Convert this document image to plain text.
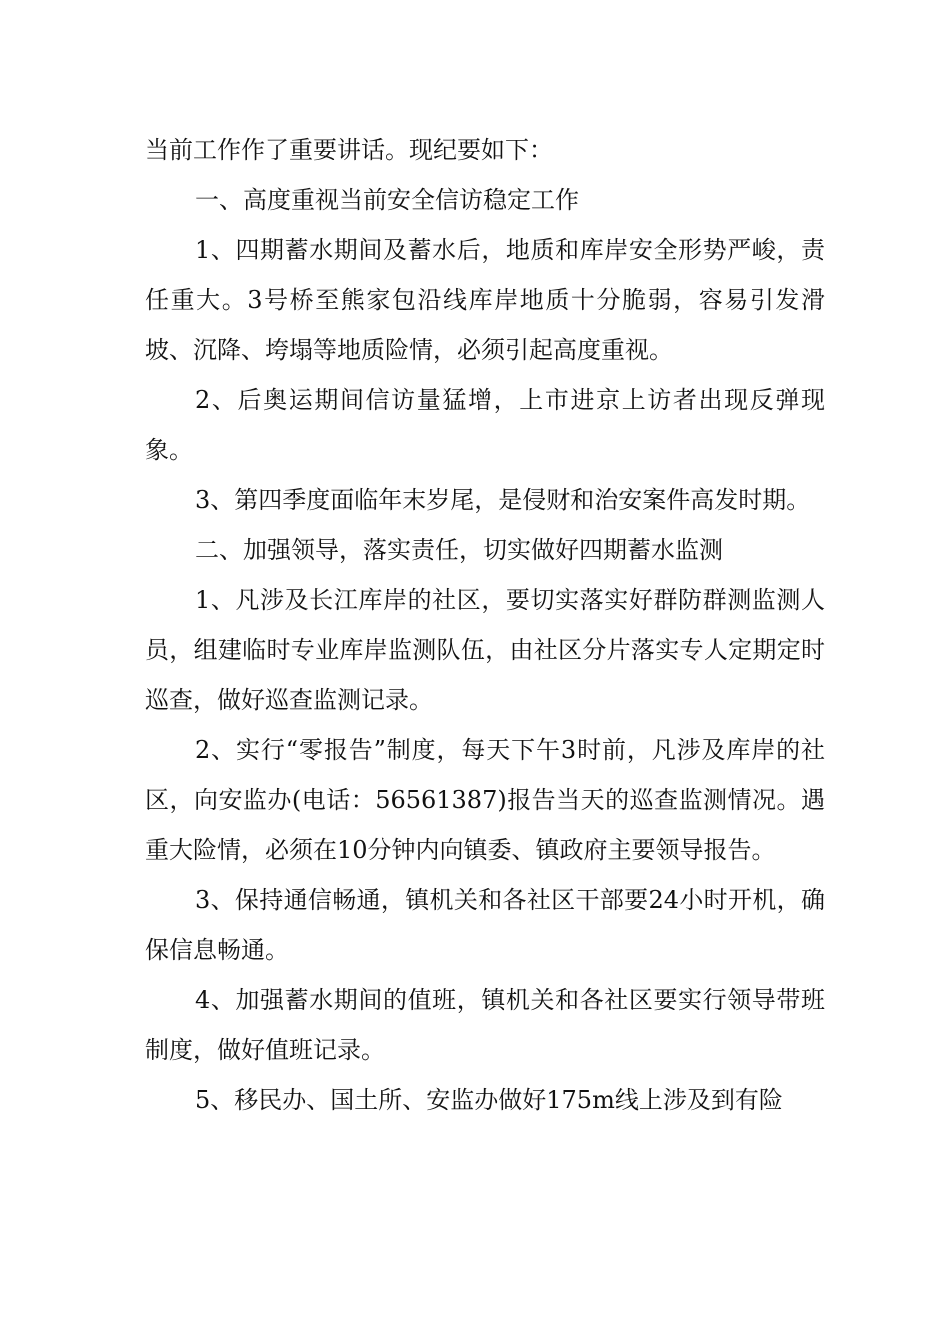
当前工作作了重要讲话。现纪要如下：

一、高度重视当前安全信访稳定工作

1、四期蓄水期间及蓄水后，地质和库岸安全形势严峻，责任重大。3号桥至熊家包沿线库岸地质十分脆弱，容易引发滑坡、沉降、垮塌等地质险情，必须引起高度重视。

2、后奥运期间信访量猛增，上市进京上访者出现反弹现象。

3、第四季度面临年末岁尾，是侵财和治安案件高发时期。

二、加强领导，落实责任，切实做好四期蓄水监测

1、凡涉及长江库岸的社区，要切实落实好群防群测监测人员，组建临时专业库岸监测队伍，由社区分片落实专人定期定时巡查，做好巡查监测记录。

2、实行“零报告”制度，每天下午3时前，凡涉及库岸的社区，向安监办(电话：56561387)报告当天的巡查监测情况。遇重大险情，必须在10分钟内向镇委、镇政府主要领导报告。

3、保持通信畅通，镇机关和各社区干部要24小时开机，确保信息畅通。

4、加强蓄水期间的值班，镇机关和各社区要实行领导带班制度，做好值班记录。

5、移民办、国土所、安监办做好175m线上涉及到有险
